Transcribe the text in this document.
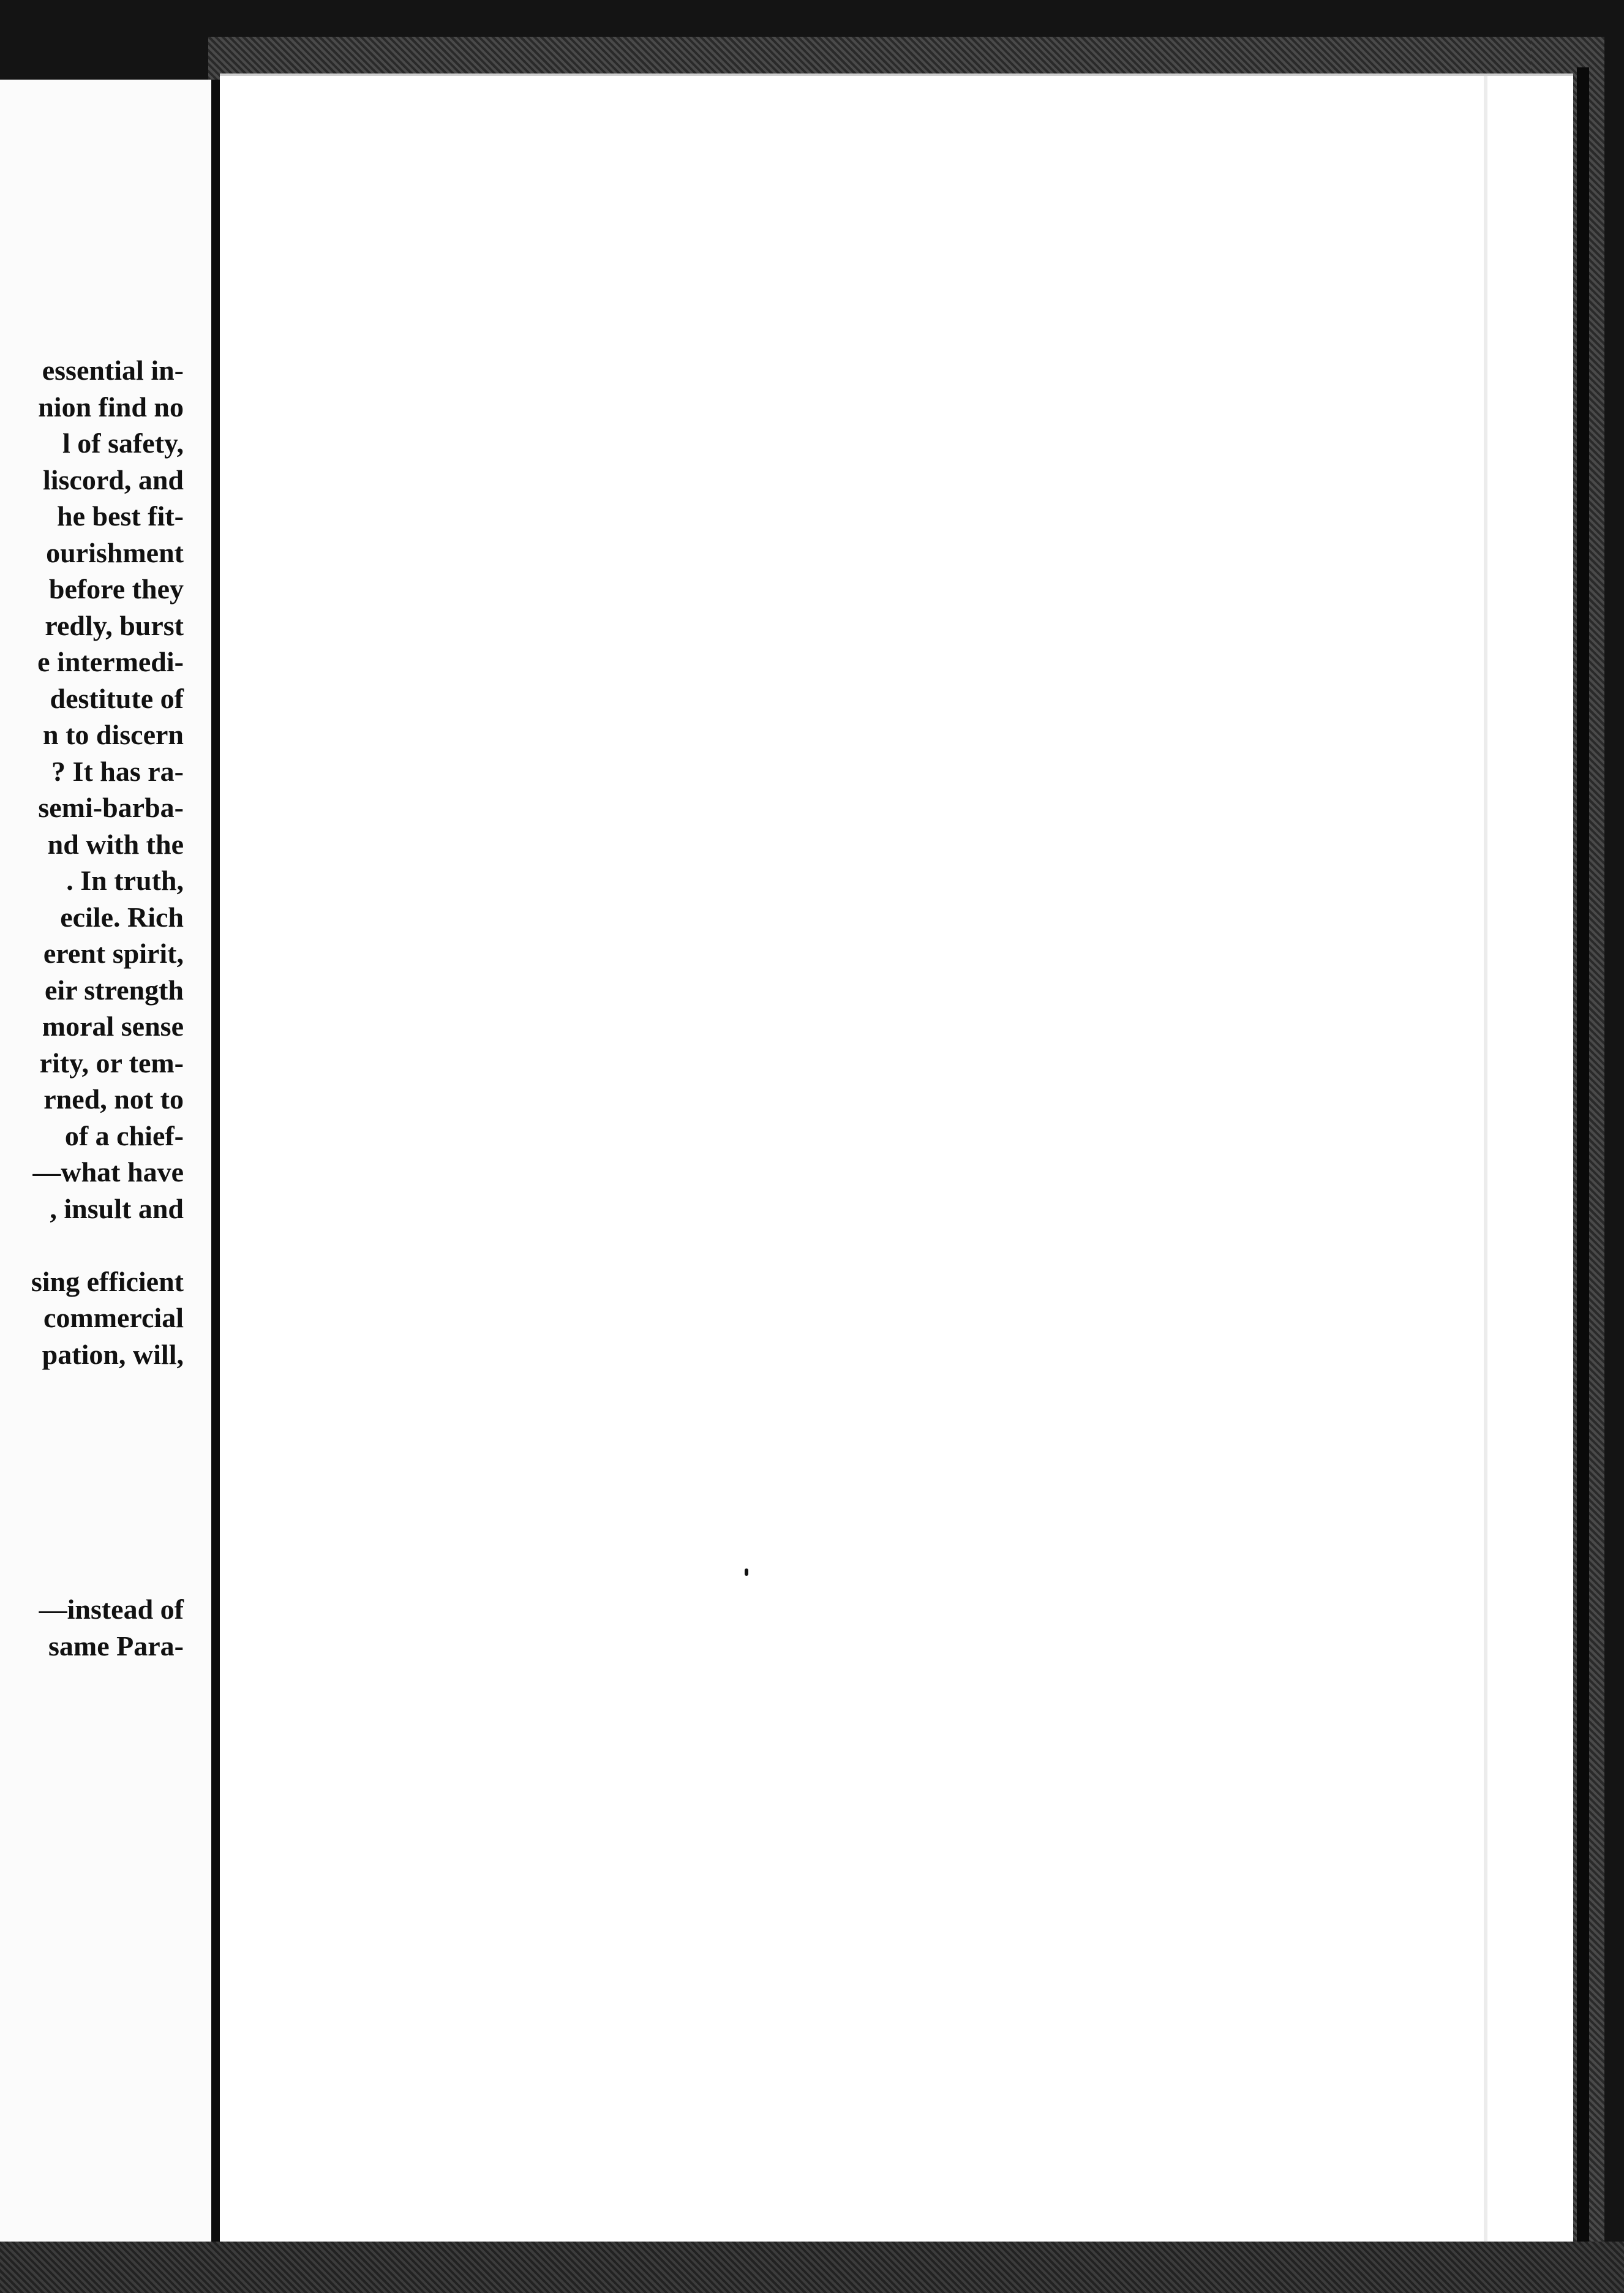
essential in-
nion find no
l of safety,
liscord, and
he best fit-
ourishment
before they
redly, burst
e intermedi-
destitute of
n to discern
? It has ra-
semi-barba-
nd with the
. In truth,
ecile. Rich
erent spirit,
eir strength
moral sense
rity, or tem-
rned, not to
of a chief-
—what have
, insult and
sing efficient
commercial
pation, will,
—instead of
same Para-
